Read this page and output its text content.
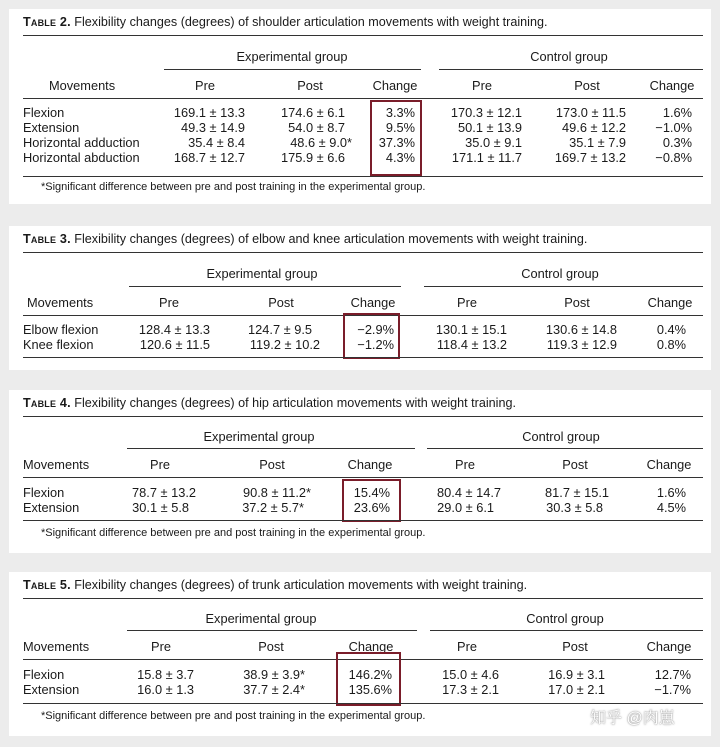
Table 2. Flexibility changes (degrees) of shoulder articulation movements with weight training.
Experimental group	Control group
Movements	Pre	Post	Change	Pre	Post	Change
Flexion	169.1 ± 13.3	174.6 ± 6.1	3.3%	170.3 ± 12.1	173.0 ± 11.5	1.6%
Extension	49.3 ± 14.9	54.0 ± 8.7	9.5%	50.1 ± 13.9	49.6 ± 12.2 −1.0%
Horizontal adduction	35.4 ± 8.4	48.6 ± 9.0* 37.3%	35.0 ± 9.1	35.1 ± 7.9	0.3%
Horizontal abduction	168.7 ± 12.7	175.9 ± 6.6	4.3%	171.1 ± 11.7	169.7 ± 13.2 −0.8%
*Significant difference between pre and post training in the experimental group.
Table 3. Flexibility changes (degrees) of elbow and knee articulation movements with weight training.
Experimental group	Control group
Movements	Pre	Post	Change	Pre	Post	Change
Elbow flexion	128.4 ± 13.3	124.7 ± 9.5	−2.9%	130.1 ± 15.1	130.6 ± 14.8	0.4%
Knee flexion	120.6 ± 11.5	119.2 ± 10.2	−1.2%	118.4 ± 13.2	119.3 ± 12.9	0.8%
Table 4. Flexibility changes (degrees) of hip articulation movements with weight training.
Experimental group	Control group
Movements	Pre	Post	Change	Pre	Post	Change
Flexion	78.7 ± 13.2	90.8 ± 11.2*	15.4%	80.4 ± 14.7	81.7 ± 15.1	1.6%
Extension	30.1 ± 5.8	37.2 ± 5.7*	23.6%	29.0 ± 6.1	30.3 ± 5.8	4.5%
*Significant difference between pre and post training in the experimental group.
Table 5. Flexibility changes (degrees) of trunk articulation movements with weight training.
Experimental group	Control group
Movements	Pre	Post	Change	Pre	Post	Change
Flexion	15.8 ± 3.7	38.9 ± 3.9*	146.2%	15.0 ± 4.6	16.9 ± 3.1	12.7%
Extension	16.0 ± 1.3	37.7 ± 2.4*	135.6%	17.3 ± 2.1	17.0 ± 2.1	−1.7%
*Significant difference between pre and post training in the experimental group.	知乎 @肉崽
